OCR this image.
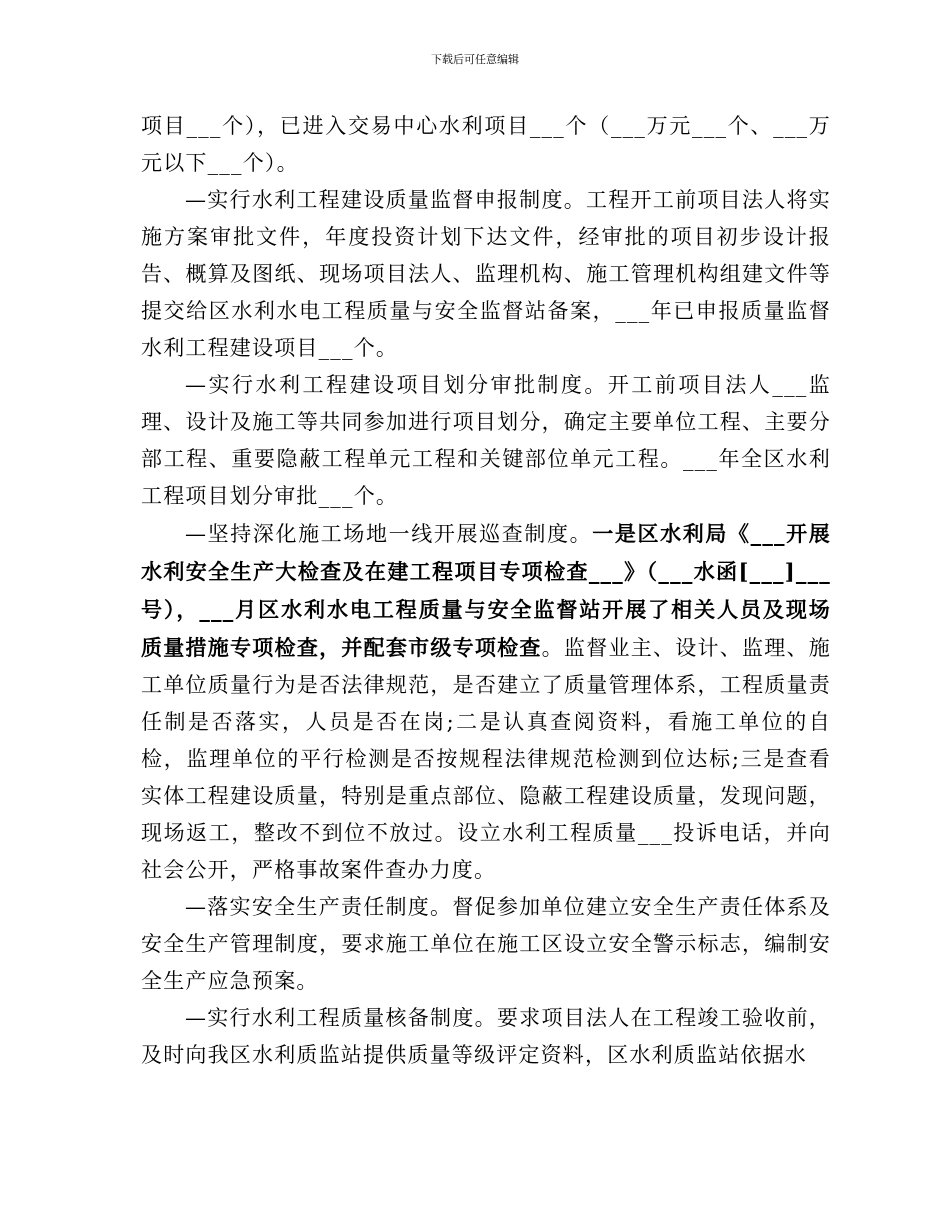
下载后可任意编辑

项目___个），已进入交易中心水利项目___个（___万元___个、___万元以下___个）。

—实行水利工程建设质量监督申报制度。工程开工前项目法人将实施方案审批文件，年度投资计划下达文件，经审批的项目初步设计报告、概算及图纸、现场项目法人、监理机构、施工管理机构组建文件等提交给区水利水电工程质量与安全监督站备案，___年已申报质量监督水利工程建设项目___个。

—实行水利工程建设项目划分审批制度。开工前项目法人___监理、设计及施工等共同参加进行项目划分，确定主要单位工程、主要分部工程、重要隐蔽工程单元工程和关键部位单元工程。___年全区水利工程项目划分审批___个。

—坚持深化施工场地一线开展巡查制度。一是区水利局《___开展水利安全生产大检查及在建工程项目专项检查___》（___水函[___]___号），___月区水利水电工程质量与安全监督站开展了相关人员及现场质量措施专项检查，并配套市级专项检查。监督业主、设计、监理、施工单位质量行为是否法律规范，是否建立了质量管理体系，工程质量责任制是否落实，人员是否在岗;二是认真查阅资料，看施工单位的自检，监理单位的平行检测是否按规程法律规范检测到位达标;三是查看实体工程建设质量，特别是重点部位、隐蔽工程建设质量，发现问题，现场返工，整改不到位不放过。设立水利工程质量___投诉电话，并向社会公开，严格事故案件查办力度。

—落实安全生产责任制度。督促参加单位建立安全生产责任体系及安全生产管理制度，要求施工单位在施工区设立安全警示标志，编制安全生产应急预案。

—实行水利工程质量核备制度。要求项目法人在工程竣工验收前，及时向我区水利质监站提供质量等级评定资料，区水利质监站依据水
